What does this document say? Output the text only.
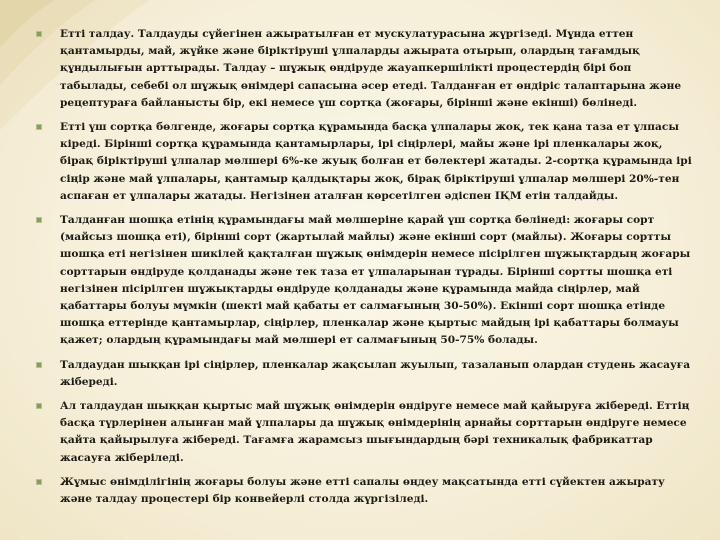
Етті талдау. Талдауды сүйегінен ажыратылған ет мускулатурасына жүргізеді. Мұнда еттен қантамырды, май, жүйке және біріктіруші ұлпаларды ажырата отырып, олардың тағамдық құндылығын арттырады. Талдау – шұжық өндіруде жауапкершілікті процестердің бірі боп табылады, себебі ол шұжық өнімдері сапасына әсер етеді. Талданған ет өндіріс талаптарына және рецептураға байланысты бір, екі немесе үш сортқа (жоғары, бірінші және екінші) бөлінеді.
Етті үш сортқа бөлгенде, жоғары сортқа құрамында басқа ұлпалары жоқ, тек қана таза ет ұлпасы кіреді. Бірінші сортқа құрамында қантамырлары, ірі сіңірлері, майы және ірі пленкалары жоқ, бірақ біріктіруші ұлпалар мөлшері 6%-ке жуық болған ет бөлектері жатады. 2-сортқа құрамында ірі сіңір және май ұлпалары, қантамыр қалдықтары жоқ, бірақ біріктіруші ұлпалар мөлшері 20%-тен аспаған ет ұлпалары жатады. Негізінен аталған көрсетілген әдіспен ІҚМ етін талдайды.
Талданған шошқа етінің құрамындағы май мөлшеріне қарай үш сортқа бөлінеді: жоғары сорт (майсыз шошқа еті), бірінші сорт (жартылай майлы) және екінші сорт (майлы). Жоғары сортты шошқа еті негізінен шикілей қақталған шұжық өнімдерін немесе пісірілген шұжықтардың жоғары сорттарын өндіруде қолданады және тек таза ет ұлпаларынан тұрады. Бірінші сортты шошқа еті негізінен пісірілген шұжықтарды өндіруде қолданады және құрамында майда сіңірлер, май қабаттары болуы мүмкін (шекті май қабаты ет салмағының 30-50%). Екінші сорт шошқа етінде шошқа еттерінде қантамырлар, сіңірлер, пленкалар және қыртыс майдың ірі қабаттары болмауы қажет; олардың құрамындағы май мөлшері ет салмағының 50-75% болады.
Талдаудан шыққан ірі сіңірлер, пленкалар жақсылап жуылып, тазаланып олардан студень жасауға жібереді.
Ал талдаудан шыққан қыртыс май шұжық өнімдерін өндіруге немесе май қайыруға жібереді. Еттің басқа түрлерінен алынған май ұлпалары да шұжық өнімдерінің арнайы сорттарын өндіруге немесе қайта қайырылуға жібереді. Тағамға жарамсыз шығындардың бәрі техникалық фабрикаттар жасауға жіберіледі.
Жұмыс өнімділігінің жоғары болуы және етті сапалы өңдеу мақсатында етті сүйектен ажырату және талдау процестері бір конвейерлі столда жүргізіледі.
